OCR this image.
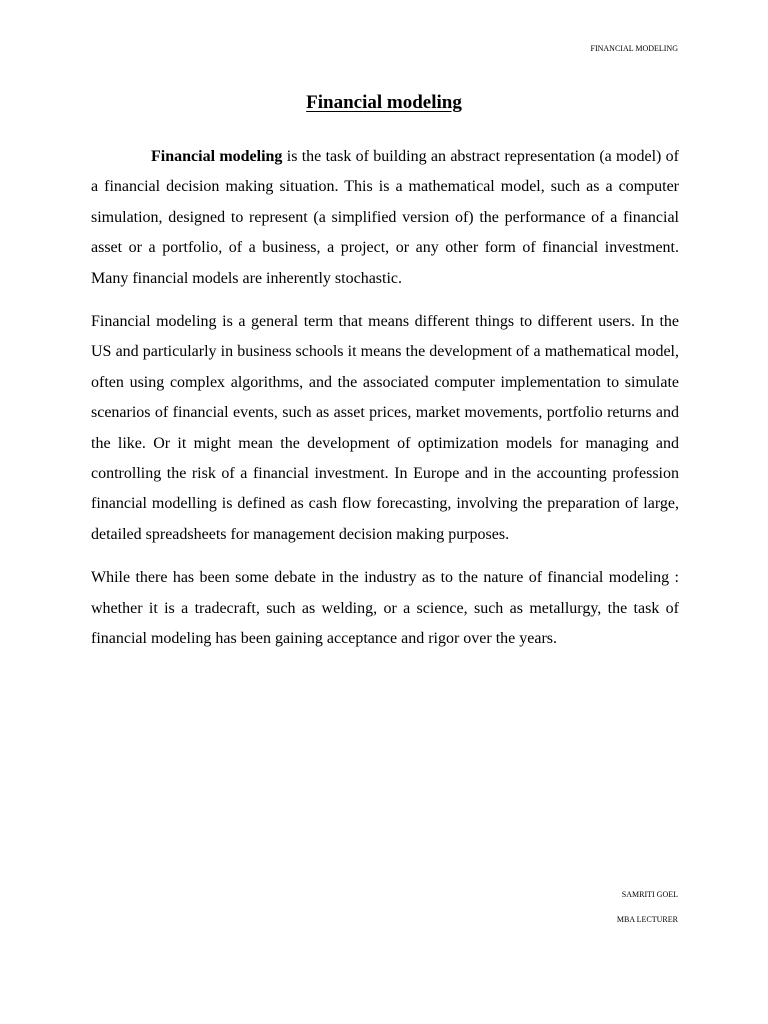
FINANCIAL MODELING
Financial modeling

Financial modeling is the task of building an abstract representation (a model) of a financial decision making situation. This is a mathematical model, such as a computer simulation, designed to represent (a simplified version of) the performance of a financial asset or a portfolio, of a business, a project, or any other form of financial investment. Many financial models are inherently stochastic.

Financial modeling is a general term that means different things to different users. In the US and particularly in business schools it means the development of a mathematical model, often using complex algorithms, and the associated computer implementation to simulate scenarios of financial events, such as asset prices, market movements, portfolio returns and the like. Or it might mean the development of optimization models for managing and controlling the risk of a financial investment. In Europe and in the accounting profession financial modelling is defined as cash flow forecasting, involving the preparation of large, detailed spreadsheets for management decision making purposes.

While there has been some debate in the industry as to the nature of financial modeling : whether it is a tradecraft, such as welding, or a science, such as metallurgy, the task of financial modeling has been gaining acceptance and rigor over the years.

SAMRITI GOEL
MBA LECTURER
